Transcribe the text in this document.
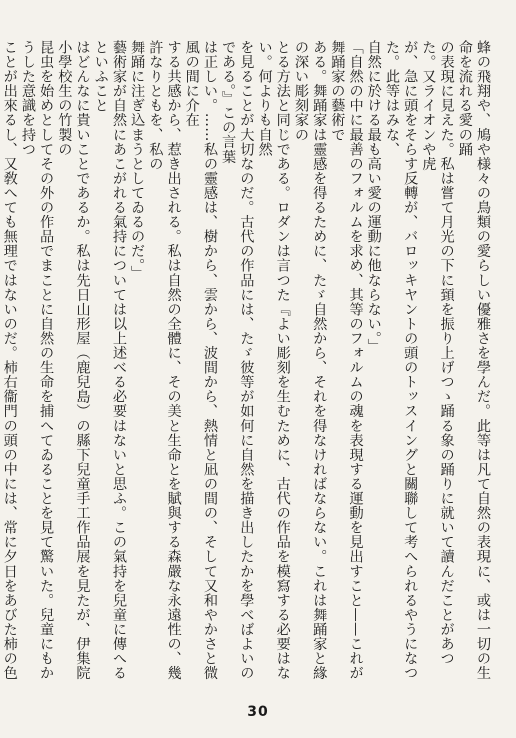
蜂の飛翔や、鳩や様々の鳥類の愛らしい優雅さを學んだ。此等は凡て自然の表現に、或は一切の生命を流れる愛の踊

の表現に見えた。私は嘗て月光の下に𩒐を振り上げつゝ踊る象の踊りに就いて讀んだことがあつた。又ライオンや虎

が、急に頭をそらす反轉が、バロッキヤントの頭のトッスイングと關聯して考へられるやうになつた。此等はみな、

自然に於ける最も高い愛の運動に他ならない。」

「自然の中に最善のフォルムを求め、其等のフォルムの魂を表現する運動を見出すこと——これが舞踊家の藝術で

ある。舞踊家は靈感を得るために、たゞ自然から、それを得なければならない。これは舞踊家と緣の深い彫刻家の

とる方法と同じである。ロダンは言つた『よい彫刻を生むために、古代の作品を模寫する必要はない。何よりも自然

を見ることが大切なのだ。古代の作品には、たゞ彼等が如何に自然を描き出したかを學べばよいのである。』この言葉

は正しい。……私の靈感は、樹から、雲から、波間から、熱情と凪の間の、そして又和やかさと微風の間に介在

する共感から、惹き出される。私は自然の全體に、その美と生命とを賦與する森嚴な永遠性の、幾許なりともを、私の

舞踊に注ぎ込まうとしてゐるのだ。」

藝術家が自然にあこがれる氣持については以上述べる必要はないと思ふ。この氣持を兒童に傳へるといふこと

はどんなに貴いことであるか。私は先日山形屋（鹿兒島）の縣下兒童手工作品展を見たが、伊集院小學校生の竹製の

昆虫を始めとしてその外の作品でまことに自然の生命を捕へてゐることを見て驚いた。兒童にもかうした意識を持つ

ことが出來るし、又敎へても無理ではないのだ。柿右衞門の頭の中には、常に夕日をあびた柿の色

30
